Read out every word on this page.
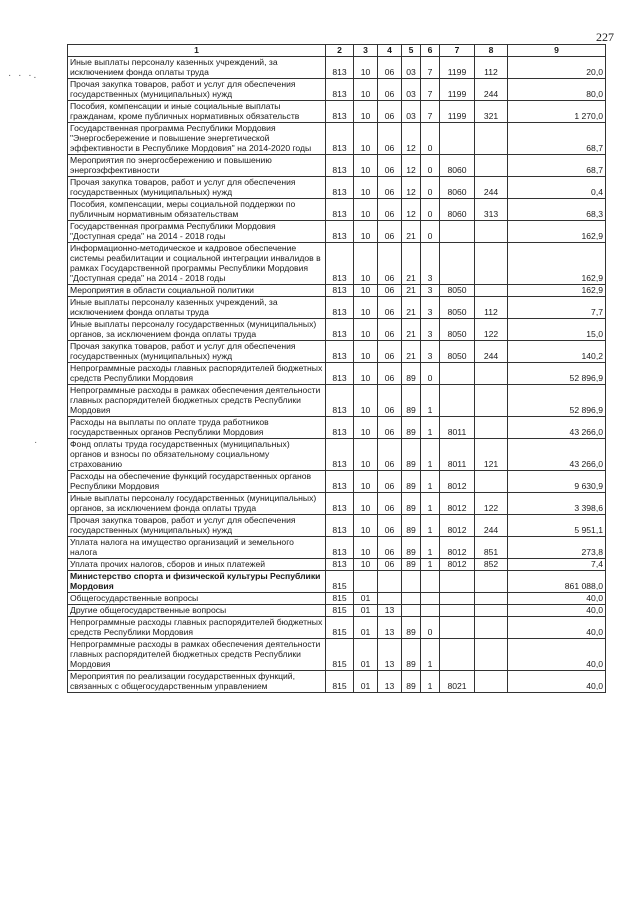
227
· · ·.
·
1	2	3	4	5	6	7	8	9
Иные выплаты персоналу казенных учреждений, за исключением фонда оплаты труда	813	10	06	03	7	1199	112	20,0
Прочая закупка товаров, работ и услуг для обеспечения государственных (муниципальных) нужд	813	10	06	03	7	1199	244	80,0
Пособия, компенсации и иные социальные выплаты гражданам, кроме публичных нормативных обязательств	813	10	06	03	7	1199	321	1 270,0
Государственная программа Республики Мордовия "Энергосбережение и повышение энергетической эффективности в Республике Мордовия" на 2014-2020 годы	813	10	06	12	0			68,7
Мероприятия по энергосбережению и повышению энергоэффективности	813	10	06	12	0	8060		68,7
Прочая закупка товаров, работ и услуг для обеспечения государственных (муниципальных) нужд	813	10	06	12	0	8060	244	0,4
Пособия, компенсации, меры социальной поддержки по публичным нормативным обязательствам	813	10	06	12	0	8060	313	68,3
Государственная программа Республики Мордовия "Доступная среда" на 2014 - 2018 годы	813	10	06	21	0			162,9
Информационно-методическое и кадровое обеспечение системы реабилитации и социальной интеграции инвалидов в рамках Государственной программы Республики Мордовия "Доступная среда" на 2014 - 2018 годы	813	10	06	21	3			162,9
Мероприятия в области социальной политики	813	10	06	21	3	8050		162,9
Иные выплаты персоналу казенных учреждений, за исключением фонда оплаты труда	813	10	06	21	3	8050	112	7,7
Иные выплаты персоналу государственных (муниципальных) органов, за исключением фонда оплаты труда	813	10	06	21	3	8050	122	15,0
Прочая закупка товаров, работ и услуг для обеспечения государственных (муниципальных) нужд	813	10	06	21	3	8050	244	140,2
Непрограммные расходы главных распорядителей бюджетных средств Республики Мордовия	813	10	06	89	0			52 896,9
Непрограммные расходы в рамках обеспечения деятельности главных распорядителей бюджетных средств Республики Мордовия	813	10	06	89	1			52 896,9
Расходы на выплаты по оплате труда работников государственных органов Республики Мордовия	813	10	06	89	1	8011		43 266,0
Фонд оплаты труда государственных (муниципальных) органов и взносы по обязательному социальному страхованию	813	10	06	89	1	8011	121	43 266,0
Расходы на обеспечение функций государственных органов Республики Мордовия	813	10	06	89	1	8012		9 630,9
Иные выплаты персоналу государственных (муниципальных) органов, за исключением фонда оплаты труда	813	10	06	89	1	8012	122	3 398,6
Прочая закупка товаров, работ и услуг для обеспечения государственных (муниципальных) нужд	813	10	06	89	1	8012	244	5 951,1
Уплата налога на имущество организаций и земельного налога	813	10	06	89	1	8012	851	273,8
Уплата прочих налогов, сборов и иных платежей	813	10	06	89	1	8012	852	7,4
Министерство спорта и физической культуры Республики Мордовия	815							861 088,0
Общегосударственные вопросы	815	01						40,0
Другие общегосударственные вопросы	815	01	13					40,0
Непрограммные расходы главных распорядителей бюджетных средств Республики Мордовия	815	01	13	89	0			40,0
Непрограммные расходы в рамках обеспечения деятельности главных распорядителей бюджетных средств Республики Мордовия	815	01	13	89	1			40,0
Мероприятия по реализации государственных функций, связанных с общегосударственным управлением	815	01	13	89	1	8021		40,0
